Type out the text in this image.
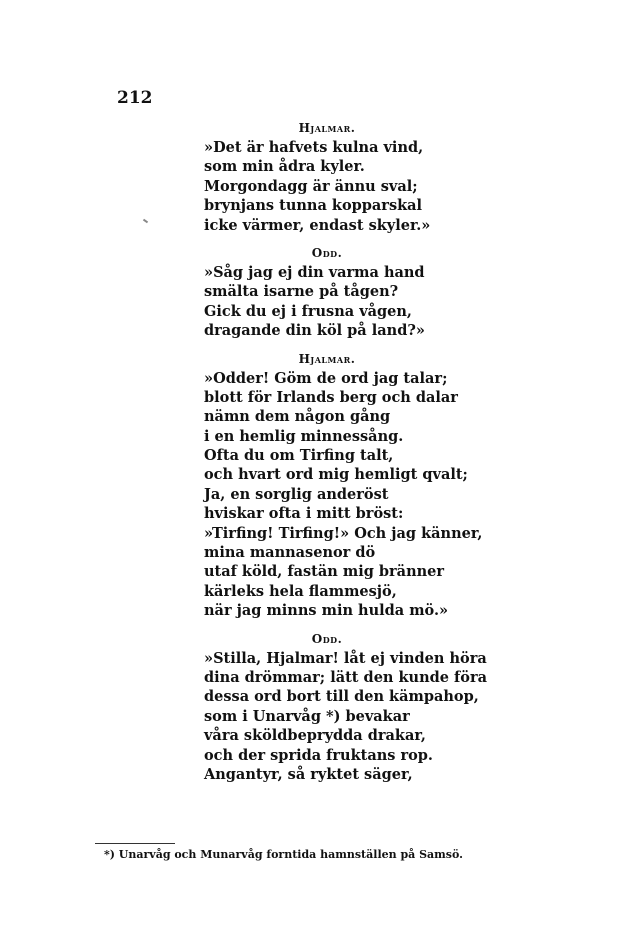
212
Hjalmar.
»Det är hafvets kulna vind,
som min ådra kyler.
Morgondagg är ännu sval;
brynjans tunna kopparskal
icke värmer, endast skyler.»
Odd.
»Såg jag ej din varma hand
smälta isarne på tågen?
Gick du ej i frusna vågen,
dragande din köl på land?»
Hjalmar.
»Odder! Göm de ord jag talar;
blott för Irlands berg och dalar
nämn dem någon gång
i en hemlig minnessång.
Ofta du om Tirfing talt,
och hvart ord mig hemligt qvalt;
Ja, en sorglig anderöst
hviskar ofta i mitt bröst:
»Tirfing! Tirfing!» Och jag känner,
mina mannasenor dö
utaf köld, fastän mig bränner
kärleks hela flammesjö,
när jag minns min hulda mö.»
Odd.
»Stilla, Hjalmar! låt ej vinden höra
dina drömmar; lätt den kunde föra
dessa ord bort till den kämpahop,
som i Unarvåg *) bevakar
våra sköldbeprydda drakar,
och der sprida fruktans rop.
Angantyr, så ryktet säger,
*) Unarvåg och Munarvåg forntida hamnställen på Samsö.
